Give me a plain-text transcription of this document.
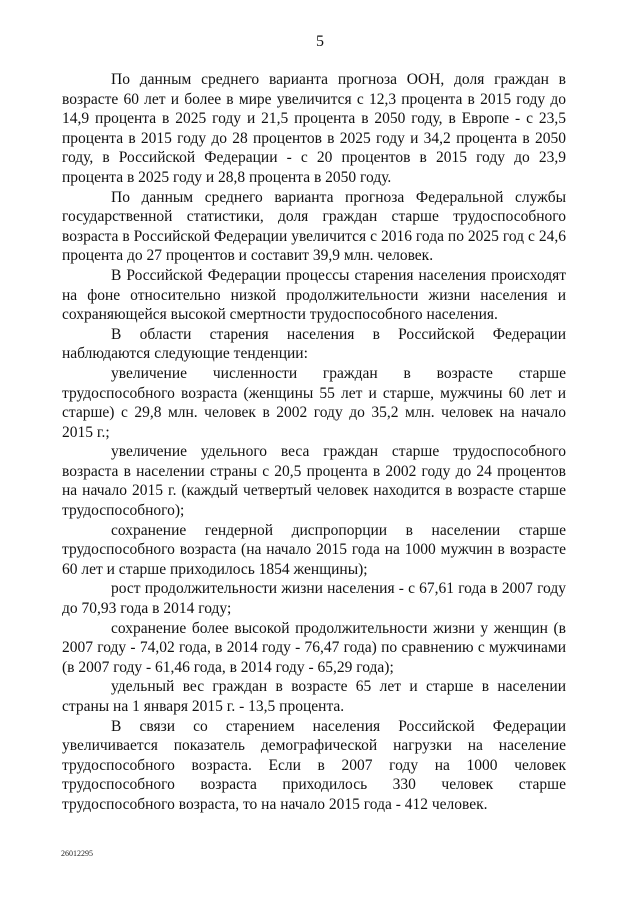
5

По данным среднего варианта прогноза ООН, доля граждан в возрасте 60 лет и более в мире увеличится с 12,3 процента в 2015 году до 14,9 процента в 2025 году и 21,5 процента в 2050 году, в Европе - с 23,5 процента в 2015 году до 28 процентов в 2025 году и 34,2 процента в 2050 году, в Российской Федерации - с 20 процентов в 2015 году до 23,9 процента в 2025 году и 28,8 процента в 2050 году.

По данным среднего варианта прогноза Федеральной службы государственной статистики, доля граждан старше трудоспособного возраста в Российской Федерации увеличится с 2016 года по 2025 год с 24,6 процента до 27 процентов и составит 39,9 млн. человек.

В Российской Федерации процессы старения населения происходят на фоне относительно низкой продолжительности жизни населения и сохраняющейся высокой смертности трудоспособного населения.

В области старения населения в Российской Федерации наблюдаются следующие тенденции:

увеличение численности граждан в возрасте старше трудоспособного возраста (женщины 55 лет и старше, мужчины 60 лет и старше) с 29,8 млн. человек в 2002 году до 35,2 млн. человек на начало 2015 г.;

увеличение удельного веса граждан старше трудоспособного возраста в населении страны с 20,5 процента в 2002 году до 24 процентов на начало 2015 г. (каждый четвертый человек находится в возрасте старше трудоспособного);

сохранение гендерной диспропорции в населении старше трудоспособного возраста (на начало 2015 года на 1000 мужчин в возрасте 60 лет и старше приходилось 1854 женщины);

рост продолжительности жизни населения - с 67,61 года в 2007 году до 70,93 года в 2014 году;

сохранение более высокой продолжительности жизни у женщин (в 2007 году - 74,02 года, в 2014 году - 76,47 года) по сравнению с мужчинами (в 2007 году - 61,46 года, в 2014 году - 65,29 года);

удельный вес граждан в возрасте 65 лет и старше в населении страны на 1 января 2015 г. - 13,5 процента.

В связи со старением населения Российской Федерации увеличивается показатель демографической нагрузки на население трудоспособного возраста. Если в 2007 году на 1000 человек трудоспособного возраста приходилось 330 человек старше трудоспособного возраста, то на начало 2015 года - 412 человек.

26012295
